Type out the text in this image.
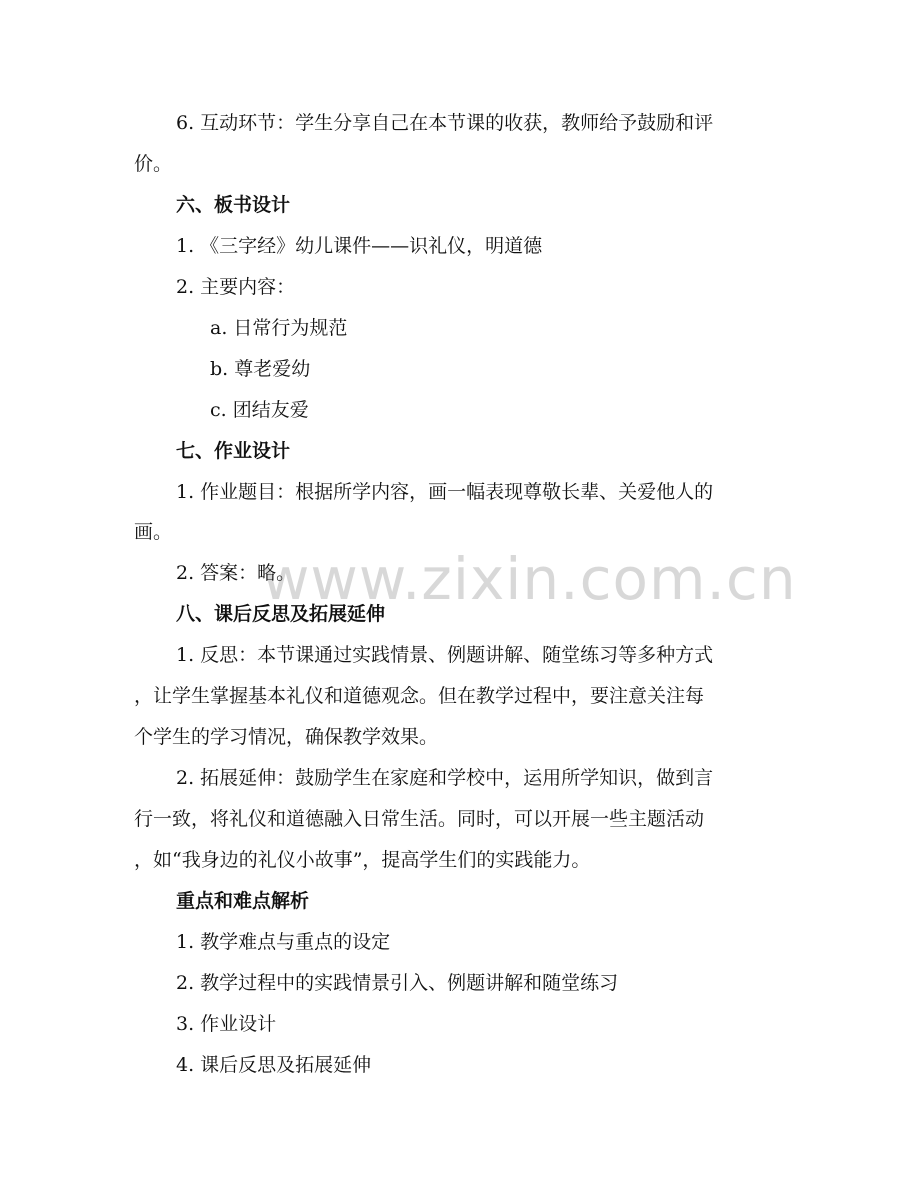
www.zixin.com.cn
6. 互动环节：学生分享自己在本节课的收获，教师给予鼓励和评
价。
六、板书设计
1. 《三字经》幼儿课件——识礼仪，明道德
2. 主要内容：
a. 日常行为规范
b. 尊老爱幼
c. 团结友爱
七、作业设计
1. 作业题目：根据所学内容，画一幅表现尊敬长辈、关爱他人的
画。
2. 答案：略。
八、课后反思及拓展延伸
1. 反思：本节课通过实践情景、例题讲解、随堂练习等多种方式
，让学生掌握基本礼仪和道德观念。但在教学过程中，要注意关注每
个学生的学习情况，确保教学效果。
2. 拓展延伸：鼓励学生在家庭和学校中，运用所学知识，做到言
行一致，将礼仪和道德融入日常生活。同时，可以开展一些主题活动
，如“我身边的礼仪小故事”，提高学生们的实践能力。
重点和难点解析
1. 教学难点与重点的设定
2. 教学过程中的实践情景引入、例题讲解和随堂练习
3. 作业设计
4. 课后反思及拓展延伸
